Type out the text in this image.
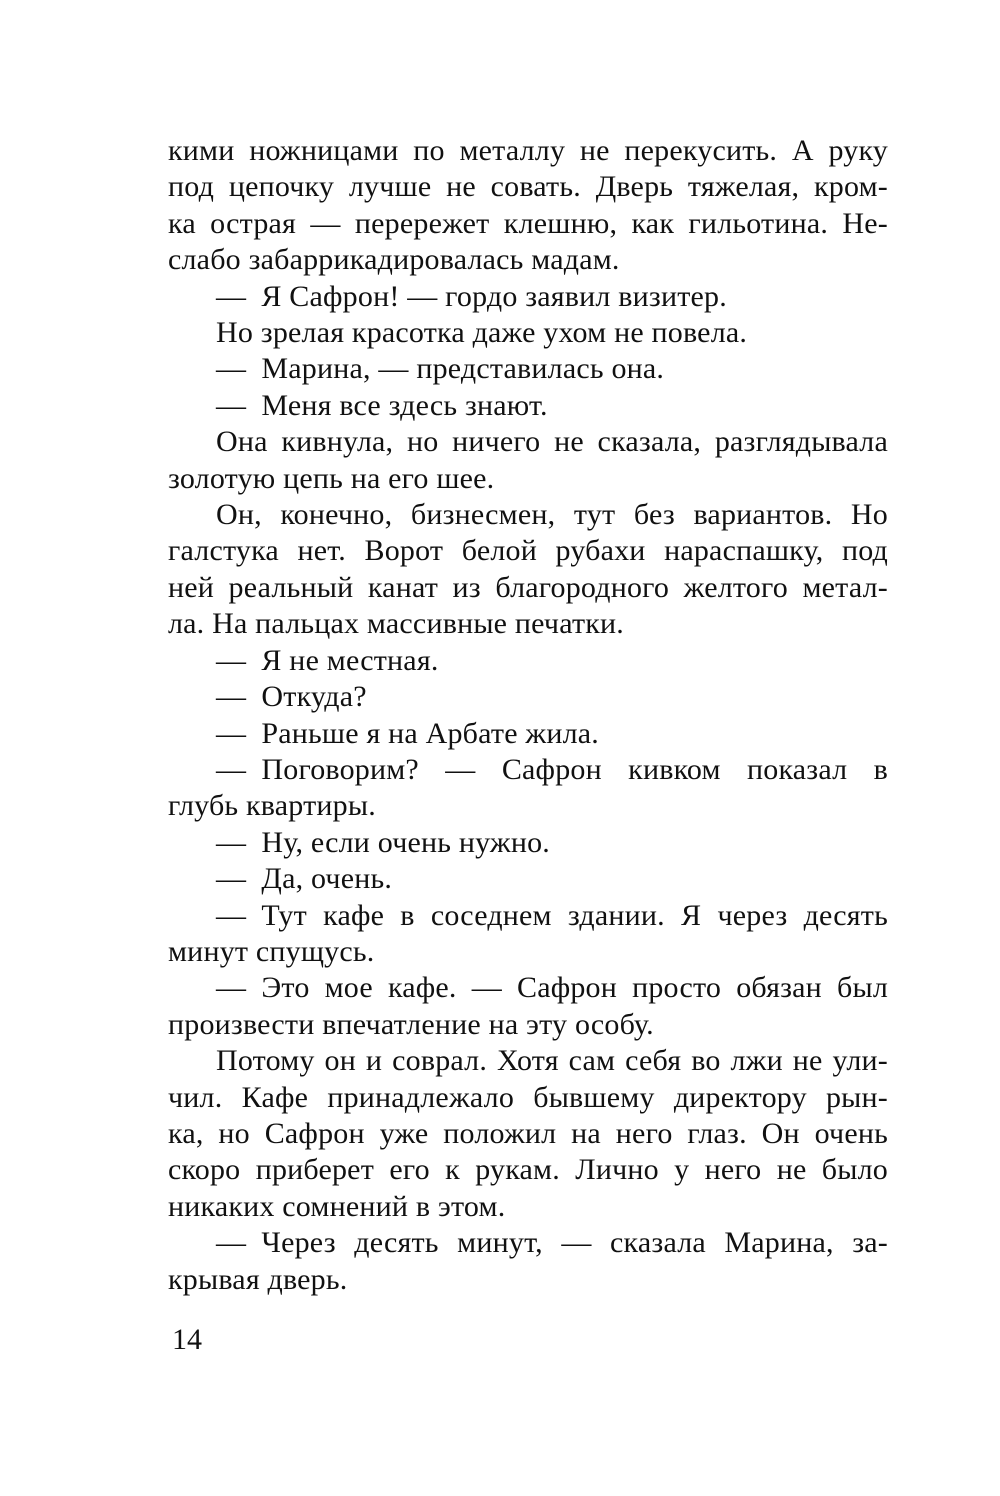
кими ножницами по металлу не перекусить. А руку
под цепочку лучше не совать. Дверь тяжелая, кром-
ка острая — перережет клешню, как гильотина. Не-
слабо забаррикадировалась мадам.
— Я Сафрон! — гордо заявил визитер.
Но зрелая красотка даже ухом не повела.
— Марина, — представилась она.
— Меня все здесь знают.
Она кивнула, но ничего не сказала, разглядывала
золотую цепь на его шее.
Он, конечно, бизнесмен, тут без вариантов. Но
галстука нет. Ворот белой рубахи нараспашку, под
ней реальный канат из благородного желтого метал-
ла. На пальцах массивные печатки.
— Я не местная.
— Откуда?
— Раньше я на Арбате жила.
— Поговорим? — Сафрон кивком показал в
глубь квартиры.
— Ну, если очень нужно.
— Да, очень.
— Тут кафе в соседнем здании. Я через десять
минут спущусь.
— Это мое кафе. — Сафрон просто обязан был
произвести впечатление на эту особу.
Потому он и соврал. Хотя сам себя во лжи не ули-
чил. Кафе принадлежало бывшему директору рын-
ка, но Сафрон уже положил на него глаз. Он очень
скоро приберет его к рукам. Лично у него не было
никаких сомнений в этом.
— Через десять минут, — сказала Марина, за-
крывая дверь.
14
